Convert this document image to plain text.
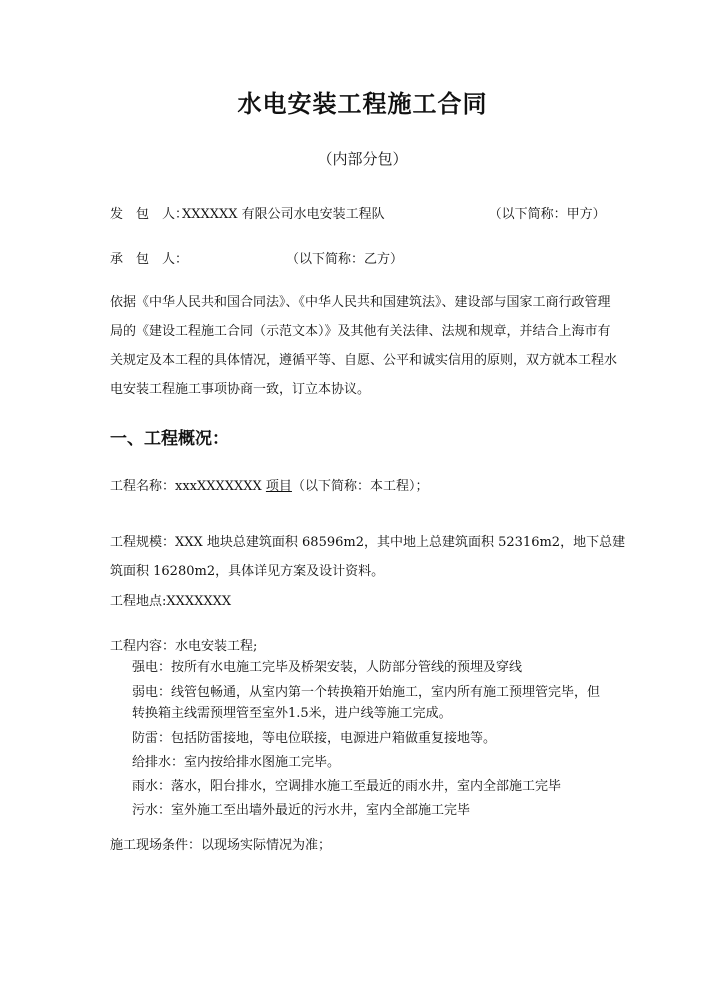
水电安装工程施工合同
（内部分包）
发　包　人：XXXXXX 有限公司水电安装工程队	（以下简称：甲方）
承　包　人：	（以下简称：乙方）
依据《中华人民共和国合同法》、《中华人民共和国建筑法》、建设部与国家工商行政管理局的《建设工程施工合同（示范文本）》及其他有关法律、法规和规章，并结合上海市有关规定及本工程的具体情况，遵循平等、自愿、公平和诚实信用的原则，双方就本工程水电安装工程施工事项协商一致，订立本协议。
一、工程概况：
工程名称：xxxXXXXXXX 项目（以下简称：本工程）；
工程规模：XXX 地块总建筑面积 68596m2，其中地上总建筑面积 52316m2，地下总建筑面积 16280m2，具体详见方案及设计资料。
工程地点:XXXXXXX
工程内容：水电安装工程;
强电：按所有水电施工完毕及桥架安装，人防部分管线的预埋及穿线
弱电：线管包畅通，从室内第一个转换箱开始施工，室内所有施工预埋管完毕，但
转换箱主线需预埋管至室外1.5米，进户线等施工完成。
防雷：包括防雷接地，等电位联接，电源进户箱做重复接地等。
给排水：室内按给排水图施工完毕。
雨水：落水，阳台排水，空调排水施工至最近的雨水井，室内全部施工完毕
污水：室外施工至出墙外最近的污水井，室内全部施工完毕
施工现场条件：以现场实际情况为准；
